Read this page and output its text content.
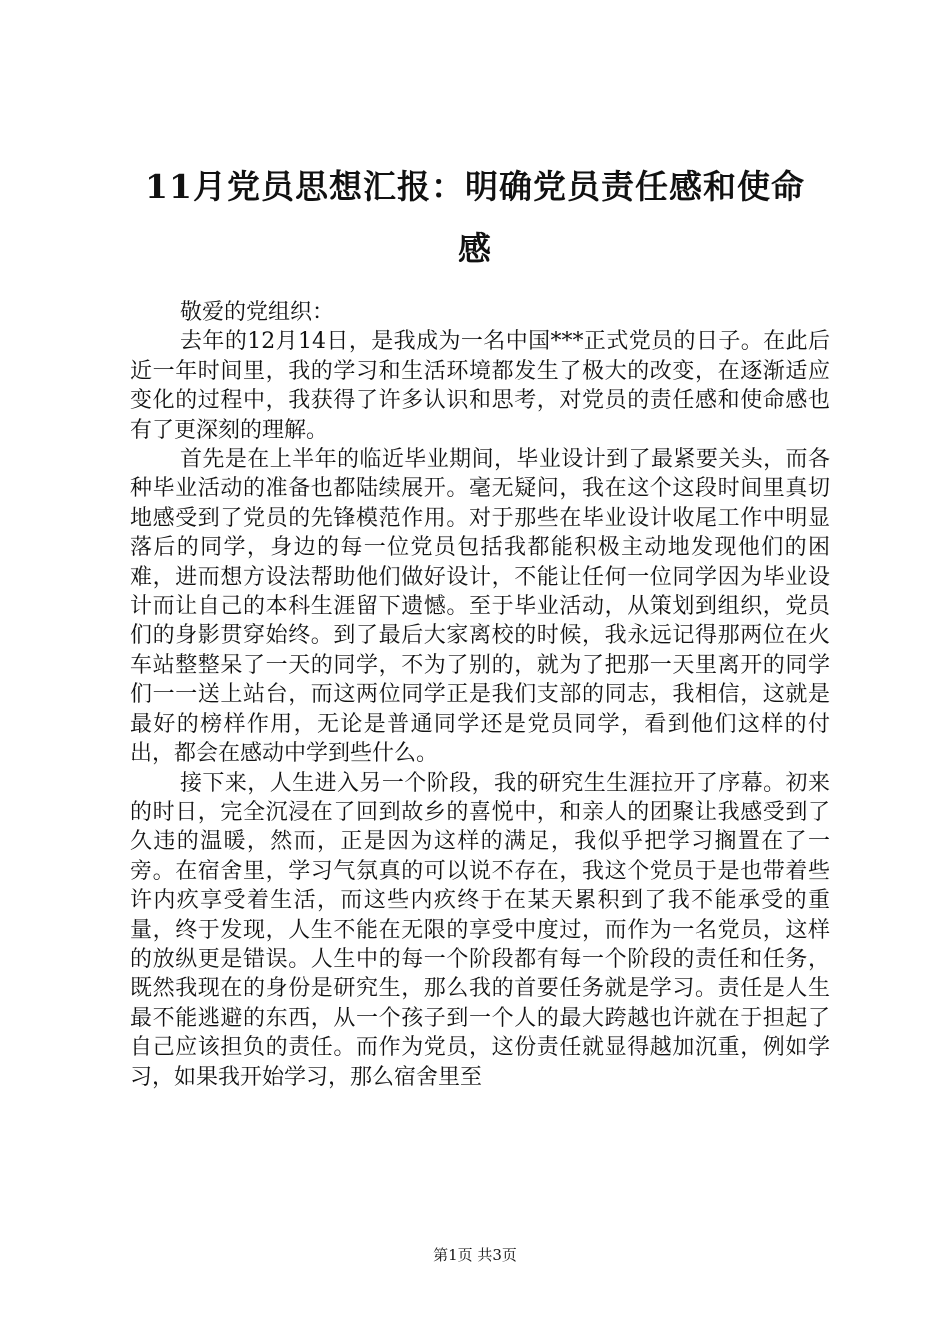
11月党员思想汇报：明确党员责任感和使命
感

敬爱的党组织：

去年的12月14日，是我成为一名中国***正式党员的日子。在此后近一年时间里，我的学习和生活环境都发生了极大的改变，在逐渐适应变化的过程中，我获得了许多认识和思考，对党员的责任感和使命感也有了更深刻的理解。

首先是在上半年的临近毕业期间，毕业设计到了最紧要关头，而各种毕业活动的准备也都陆续展开。毫无疑问，我在这个这段时间里真切地感受到了党员的先锋模范作用。对于那些在毕业设计收尾工作中明显落后的同学，身边的每一位党员包括我都能积极主动地发现他们的困难，进而想方设法帮助他们做好设计，不能让任何一位同学因为毕业设计而让自己的本科生涯留下遗憾。至于毕业活动，从策划到组织，党员们的身影贯穿始终。到了最后大家离校的时候，我永远记得那两位在火车站整整呆了一天的同学，不为了别的，就为了把那一天里离开的同学们一一送上站台，而这两位同学正是我们支部的同志，我相信，这就是最好的榜样作用，无论是普通同学还是党员同学，看到他们这样的付出，都会在感动中学到些什么。

接下来，人生进入另一个阶段，我的研究生生涯拉开了序幕。初来的时日，完全沉浸在了回到故乡的喜悦中，和亲人的团聚让我感受到了久违的温暖，然而，正是因为这样的满足，我似乎把学习搁置在了一旁。在宿舍里，学习气氛真的可以说不存在，我这个党员于是也带着些许内疚享受着生活，而这些内疚终于在某天累积到了我不能承受的重量，终于发现，人生不能在无限的享受中度过，而作为一名党员，这样的放纵更是错误。人生中的每一个阶段都有每一个阶段的责任和任务，既然我现在的身份是研究生，那么我的首要任务就是学习。责任是人生最不能逃避的东西，从一个孩子到一个人的最大跨越也许就在于担起了自己应该担负的责任。而作为党员，这份责任就显得越加沉重，例如学习，如果我开始学习，那么宿舍里至

第1页 共3页
